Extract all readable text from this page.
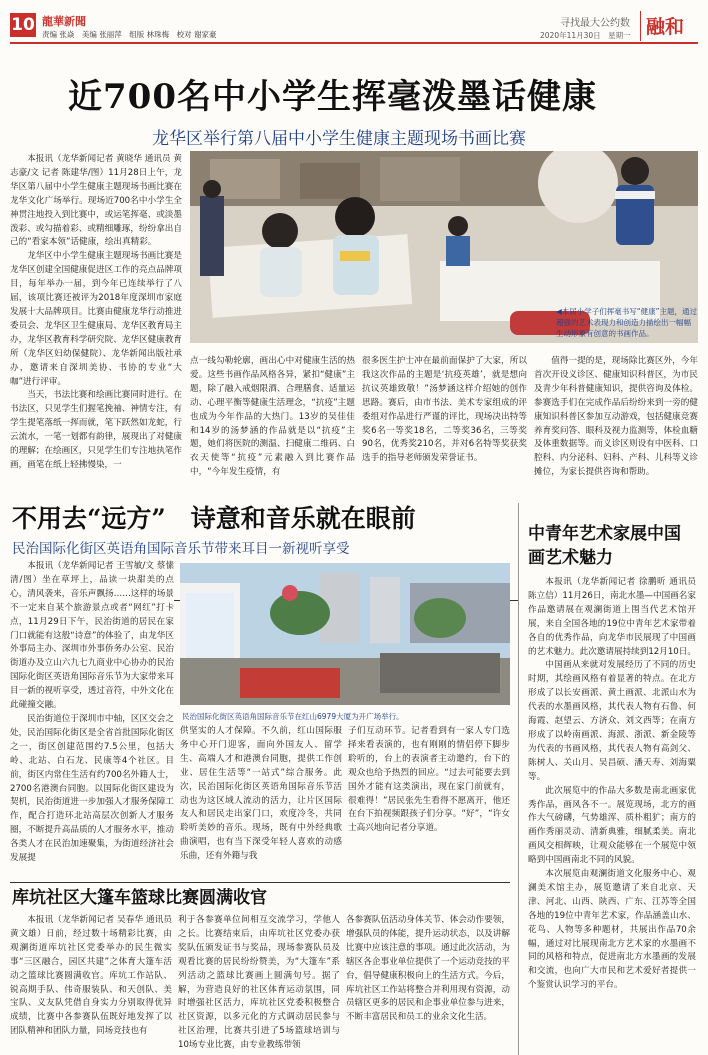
10 龍華新聞
责编 张焱　美编 张丽萍　组版 林珠梅　校对 谢家豪
寻找最大公约数
2020年11月30日　星期一 融和
近700名中小学生挥毫泼墨话健康
龙华区举行第八届中小学生健康主题现场书画比赛

本报讯（龙华新闻记者 黄晓华 通讯员 黄志豪/文 记者 陈建华/图）11月28日上午，龙华区第八届中小学生健康主题现场书画比赛在龙华文化广场举行。现场近700名中小学生全神贯注地投入到比赛中，或运笔挥毫、或淡墨泼彩、或勾描着彩、或精细雕琢，纷纷拿出自己的“看家本领”话健康，绘出真精彩。

龙华区中小学生健康主题现场书画比赛是龙华区创建全国健康促进区工作的亮点品牌项目，每年举办一届，到今年已连续举行了八届，该项比赛还被评为2018年度深圳市家庭发展十大品牌项目。比赛由健康龙华行动推进委员会、龙华区卫生健康局、龙华区教育局主办，龙华区教育科学研究院、龙华区健康教育所（龙华区妇幼保健院）、龙华新闻出版社承办，邀请来自深圳美协、书协的专业“大咖”进行评审。

当天，书法比赛和绘画比赛同时进行。在书法区，只见学生们握笔挽袖、神情专注，有学生提笔落纸一挥而就，笔下跃然如龙蛇，行云流水，一笔一划都有韵律，展现出了对健康的理解；在绘画区，只见学生们专注地执笔作画，画笔在纸上轻拂慢染，一

◀本届小学子们挥毫书写“健康”主题，通过超强的艺术表现力和创造力描绘出一幅幅生动形象有创意的书画作品。

点一线勾勒轮廓，画出心中对健康生活的热爱。这些书画作品风格各异，紧扣“健康”主题，除了融入戒烟限酒、合理膳食、适量运动、心理平衡等健康生活理念，“抗疫”主题也成为今年作品的大热门。13岁的吴佳佳和14岁的汤梦涵的作品就是以“抗疫”主题，她们将医院的测温、扫健康二维码、白衣天使等“抗疫”元素融入到比赛作品中，“今年发生疫情，有

很多医生护士冲在最前面保护了大家，所以我这次作品的主题是‘抗疫英雄’，就是想向抗议英雄致敬！”汤梦涵这样介绍她的创作思路。赛后，由市书法、美术专家组成的评委组对作品进行严谨的评比，现场决出特等奖6名一等奖18名，二等奖36名，三等奖90名，优秀奖210名，并对6名特等奖获奖选手的指导老师颁发荣誉证书。

值得一提的是，现场除比赛区外，今年首次开设义诊区、健康知识科普区，为市民及青少年科普健康知识，提供咨询及体检。参赛选手们在完成作品后纷纷来到一旁的健康知识科普区参加互动游戏，包括健康竞赛养育奖问答、眼科及视力监测等，体检血糖及体重数据等。而义诊区则设有中医科、口腔科、内分泌科、妇科、产科、儿科等义诊摊位，为家长提供咨询和帮助。

不用去“远方”　诗意和音乐就在眼前
民治国际化街区英语角国际音乐节带来耳目一新视听享受

本报讯（龙华新闻记者 王雪敏/文 蔡愫清/图）坐在草坪上，品读一块甜美的点心，清风袭来，音乐声飘扬……这样的场景不一定来自某个旅游景点或者“网红”打卡点，11月29日下午，民治街道的居民在家门口就能有这般“诗意”的体验了，由龙华区外事局主办、深圳市外事侨务办公室、民治街道办及立山六九七九商业中心协办的民治国际化街区英语角国际音乐节为大家带来耳目一新的视听享受，透过音符，中外文化在此碰撞交融。

民治街道位于深圳市中轴，区区交会之处，民治国际化街区是全省首批国际化街区之一，街区创建范围约7.5公里，包括大岭、北站、白石龙、民康等4个社区。目前，街区内常住生活有约700名外籍人士，2700名港澳台同胞。以国际化街区建设为契机，民治街道进一步加强人才服务保障工作，配合打造环北站高层次创新人才服务圈，不断提升高品质的人才服务水平，推动各类人才在民治加速聚集，为街道经济社会发展提

民治国际化街区英语角国际音乐节在红山6979大厦为开广场举行。

供坚实的人才保障。不久前，红山国际服务中心开门迎客，面向外国友人、留学生、高端人才和港澳台同胞，提供工作创业、居住生活等“一站式”综合服务。此次，民治国际化街区英语角国际音乐节活动也为这区域人流动的活力，让片区国际友人和居民走出家门口，欢度冷冬，共同聆听美妙的音乐。现场，既有中外经典歌曲演唱，也有当下深受年轻人喜欢的动感乐曲，还有外籍与我

子们互动环节。记者看到有一家人专门选择来看表演的，也有刚刚的情侣停下脚步聆听的，台上的表演者主动邀约，台下的观众也给予热烈的回应。“过去可能要去到国外才能有这类演出，现在家门前就有，很难得！”居民张先生看得不愿离开，他还在台下拍视频跟孩子们分享。“好”，“许女士高兴地向记者分享道。

中青年艺术家展中国画艺术魅力

本报讯（龙华新闻记者 徐鹏昕 通讯员 陈立信）11月26日，南北水墨—中国画名家作品邀请展在观澜街道上围当代艺术馆开展，来自全国各地的19位中青年艺术家带着各自的优秀作品，向龙华市民展现了中国画的艺术魅力。此次邀请展持续到12月10日。

中国画从来就对发展经历了不同的历史时期，其绘画风格有着显著的特点。在北方形成了以长安画派、黄土画派、北派山水为代表的水墨画风格，其代表人物有石鲁、何海霞、赵望云、方济众、刘文西等；在南方形成了以岭南画派、海派、浙派、新金陵等为代表的书画风格，其代表人物有高剑父、陈树人、关山月、吴昌硕、潘天寿、刘海粟等。

此次展览中的作品大多数是南北画家优秀作品，画风各不一。展览现场，北方的画作大气磅礴，气势雄浑、质朴粗犷；南方的画作秀丽灵动、清新典雅，细腻柔美。南北画风交相辉映，让观众能够在一个展览中领略到中国画南北不同的风貌。

本次展览由观澜街道文化服务中心、观澜美术馆主办，展览邀请了来自北京、天津、河北、山西、陕西、广东、江苏等全国各地的19位中青年艺术家，作品涵盖山水、花鸟、人物等多种题材，共展出作品70余幅，通过对比展现南北方艺术家的水墨画不同的风格和特点，促进南北方水墨画的发展和交流，也向广大市民和艺术爱好者提供一个鉴赏认识学习的平台。

库坑社区大篷车篮球比赛圆满收官

本报讯（龙华新闻记者 吴春华 通讯员 黄文雄）日前，经过数十场精彩比赛，由观澜街道库坑社区党委举办的民生微实事“三区融合，园区共建”之体育大篷车活动之篮球比赛圆满收官。库坑工作站队、锐高期手队、伟奇服装队、和天创队、美宝队、义友队凭借自身实力分别取得优异成绩，比赛中各参赛队伍既好地发挥了以团队精神和团队力量，同场竞技也有

利于各参赛单位间相互交流学习，学他人之长。比赛结束后，由库坑社区党委办获奖队伍颁发证书与奖品，现场参赛队员及观看比赛的居民纷纷赞美，为“大篷车”系列活动之篮球比赛画上圆满句号。据了解，为营造良好的社区体育运动氛围，同时增强社区活力，库坑社区党委积极整合社区资源，以多元化的方式调动居民参与社区治理，比赛共引进了5场篮球培训与10场专业比赛，由专业教练带领

各参赛队伍活动身体关节、体会动作要领，增强队员的体能，提升运动状态，以及讲解比赛中应该注意的事项。通过此次活动，为辖区各企事业单位提供了一个运动竞技的平台，倡导健康积极向上的生活方式。今后，库坑社区工作站将整合并利用现有资源，动员辖区更多的居民和企事业单位参与进来，不断丰富居民和员工的业余文化生活。
